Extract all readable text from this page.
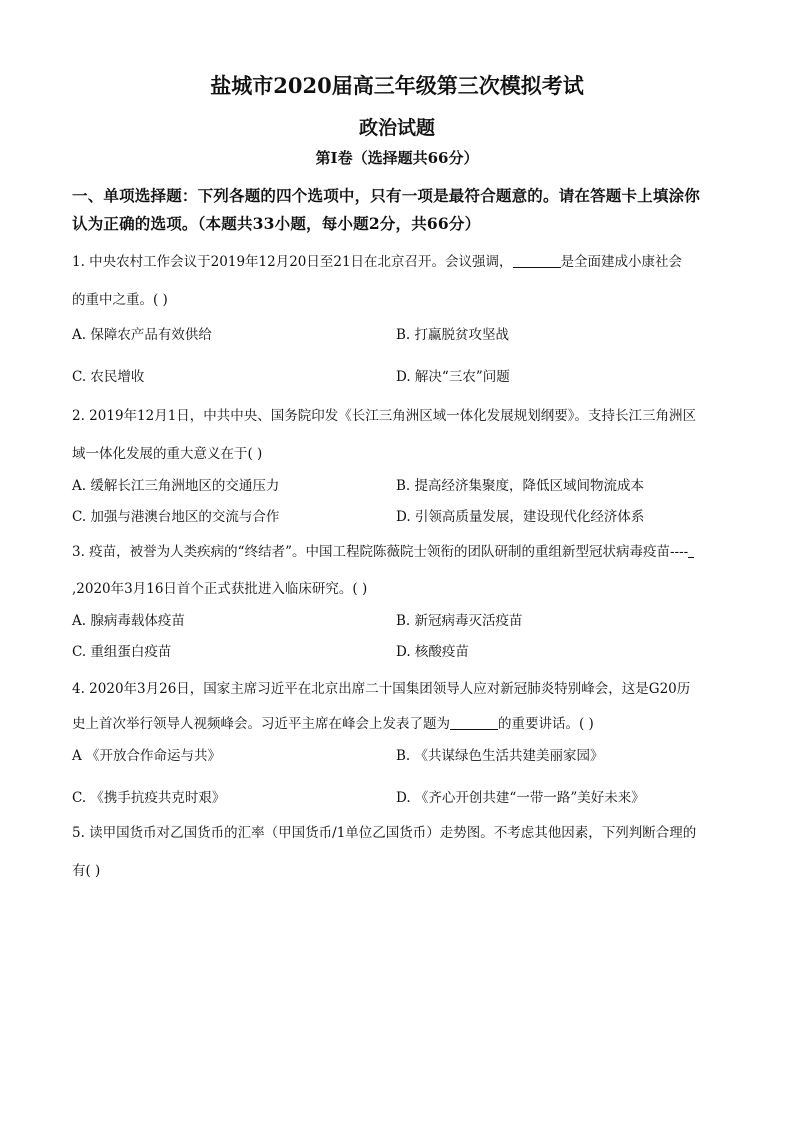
盐城市2020届高三年级第三次模拟考试
政治试题
第Ⅰ卷（选择题共66分）
一、单项选择题：下列各题的四个选项中，只有一项是最符合题意的。请在答题卡上填涂你
认为正确的选项。（本题共33小题，每小题2分，共66分）
1. 中央农村工作会议于2019年12月20日至21日在北京召开。会议强调，	是全面建成小康社会
的重中之重。( )
A. 保障农产品有效供给	B. 打赢脱贫攻坚战
C. 农民增收	D. 解决“三农”问题
2. 2019年12月1日，中共中央、国务院印发《长江三角洲区域一体化发展规划纲要》。支持长江三角洲区
域一体化发展的重大意义在于( )
A. 缓解长江三角洲地区的交通压力	B. 提高经济集聚度，降低区域间物流成本
C. 加强与港澳台地区的交流与合作	D. 引领高质量发展，建设现代化经济体系
3. 疫苗，被誉为人类疾病的“终结者”。中国工程院陈薇院士领衔的团队研制的重组新型冠状病毒疫苗----
,2020年3月16日首个正式获批进入临床研究。( )
A. 腺病毒载体疫苗	B. 新冠病毒灭活疫苗
C. 重组蛋白疫苗	D. 核酸疫苗
4. 2020年3月26日，国家主席习近平在北京出席二十国集团领导人应对新冠肺炎特别峰会，这是G20历
史上首次举行领导人视频峰会。习近平主席在峰会上发表了题为	的重要讲话。( )
A 《开放合作命运与共》	B. 《共谋绿色生活共建美丽家园》
C. 《携手抗疫共克时艰》	D. 《齐心开创共建“一带一路”美好未来》
5. 读甲国货币对乙国货币的汇率（甲国货币/1单位乙国货币）走势图。不考虑其他因素，下列判断合理的
有( )
